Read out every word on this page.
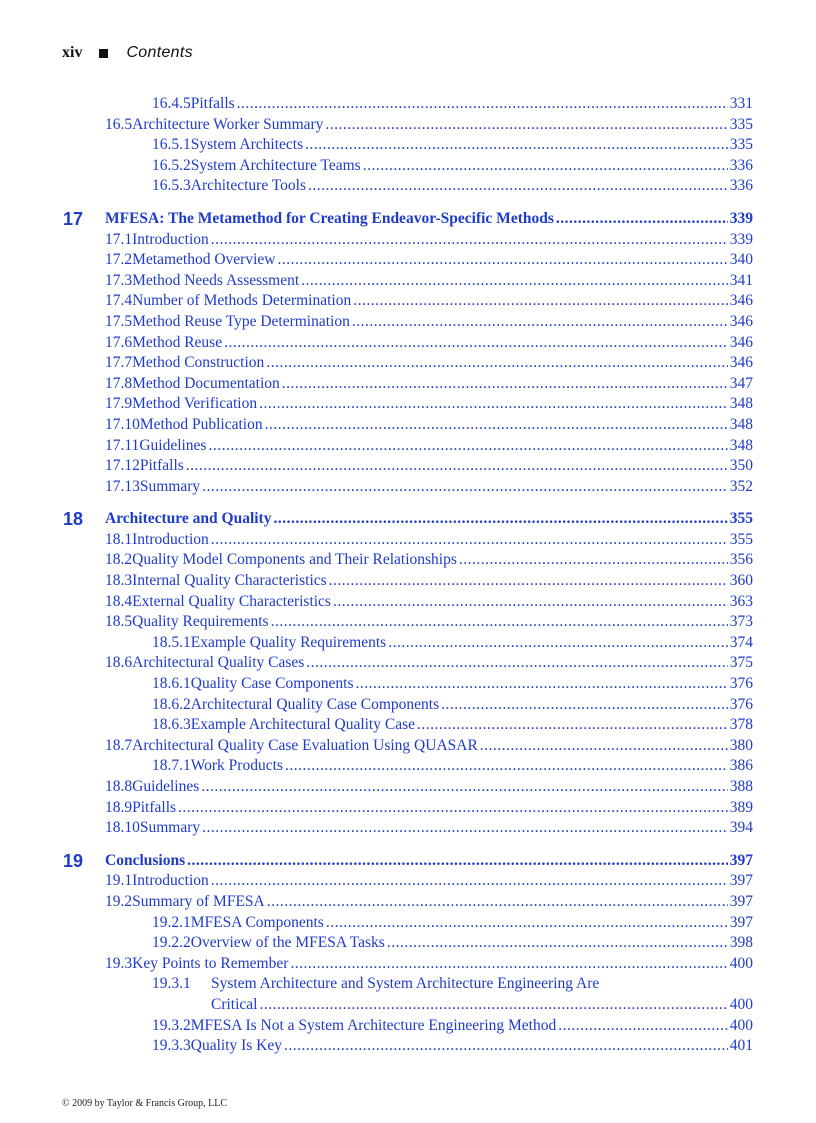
xiv	Contents
16.4.5 Pitfalls .....	331
16.5 Architecture Worker Summary .....	335
16.5.1 System Architects .....	335
16.5.2 System Architecture Teams .....	336
16.5.3 Architecture Tools .....	336
17 MFESA: The Metamethod for Creating Endeavor-Specific Methods .....	339
17.1 Introduction .....	339
17.2 Metamethod Overview .....	340
17.3 Method Needs Assessment .....	341
17.4 Number of Methods Determination .....	346
17.5 Method Reuse Type Determination .....	346
17.6 Method Reuse .....	346
17.7 Method Construction .....	346
17.8 Method Documentation .....	347
17.9 Method Verification .....	348
17.10 Method Publication .....	348
17.11 Guidelines .....	348
17.12 Pitfalls .....	350
17.13 Summary .....	352
18 Architecture and Quality .....	355
18.1 Introduction .....	355
18.2 Quality Model Components and Their Relationships .....	356
18.3 Internal Quality Characteristics .....	360
18.4 External Quality Characteristics .....	363
18.5 Quality Requirements .....	373
18.5.1 Example Quality Requirements .....	374
18.6 Architectural Quality Cases .....	375
18.6.1 Quality Case Components .....	376
18.6.2 Architectural Quality Case Components .....	376
18.6.3 Example Architectural Quality Case .....	378
18.7 Architectural Quality Case Evaluation Using QUASAR .....	380
18.7.1 Work Products .....	386
18.8 Guidelines .....	388
18.9 Pitfalls .....	389
18.10 Summary .....	394
19 Conclusions .....	397
19.1 Introduction .....	397
19.2 Summary of MFESA .....	397
19.2.1 MFESA Components .....	397
19.2.2 Overview of the MFESA Tasks .....	398
19.3 Key Points to Remember .....	400
19.3.1	System Architecture and System Architecture Engineering Are
Critical .....	400
19.3.2 MFESA Is Not a System Architecture Engineering Method .....	400
19.3.3 Quality Is Key .....	401
© 2009 by Taylor & Francis Group, LLC
